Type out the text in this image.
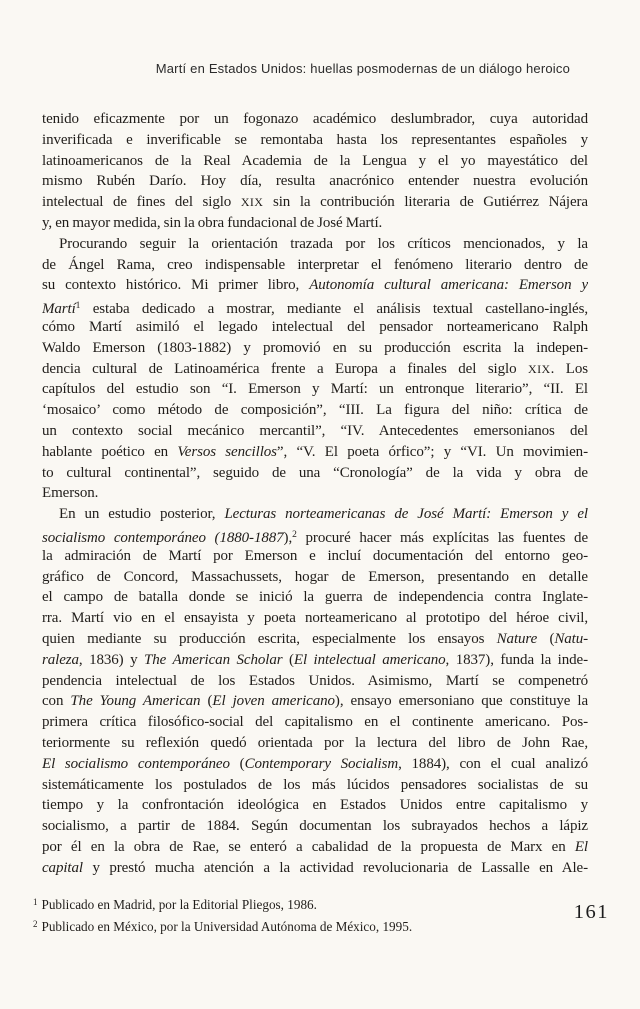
Martí en Estados Unidos: huellas posmodernas de un diálogo heroico
tenido eficazmente por un fogonazo académico deslumbrador, cuya autoridad
inverificada e inverificable se remontaba hasta los representantes españoles y
latinoamericanos de la Real Academia de la Lengua y el yo mayestático del
mismo Rubén Darío. Hoy día, resulta anacrónico entender nuestra evolución
intelectual de fines del siglo XIX sin la contribución literaria de Gutiérrez Nájera
y, en mayor medida, sin la obra fundacional de José Martí.
Procurando seguir la orientación trazada por los críticos mencionados, y la
de Ángel Rama, creo indispensable interpretar el fenómeno literario dentro de
su contexto histórico. Mi primer libro, Autonomía cultural americana: Emerson y
Martí$^1$ estaba dedicado a mostrar, mediante el análisis textual castellano-inglés,
cómo Martí asimiló el legado intelectual del pensador norteamericano Ralph
Waldo Emerson (1803-1882) y promovió en su producción escrita la indepen-
dencia cultural de Latinoamérica frente a Europa a finales del siglo XIX. Los
capítulos del estudio son “I. Emerson y Martí: un entronque literario”, “II. El
‘mosaico’ como método de composición”, “III. La figura del niño: crítica de
un contexto social mecánico mercantil”, “IV. Antecedentes emersonianos del
hablante poético en Versos sencillos”, “V. El poeta órfico”; y “VI. Un movimien-
to cultural continental”, seguido de una “Cronología” de la vida y obra de
Emerson.
En un estudio posterior, Lecturas norteamericanas de José Martí: Emerson y el
socialismo contemporáneo (1880-1887),$^2$ procuré hacer más explícitas las fuentes de
la admiración de Martí por Emerson e incluí documentación del entorno geo-
gráfico de Concord, Massachussets, hogar de Emerson, presentando en detalle
el campo de batalla donde se inició la guerra de independencia contra Inglate-
rra. Martí vio en el ensayista y poeta norteamericano al prototipo del héroe civil,
quien mediante su producción escrita, especialmente los ensayos Nature (Natu-
raleza, 1836) y The American Scholar (El intelectual americano, 1837), funda la inde-
pendencia intelectual de los Estados Unidos. Asimismo, Martí se compenetró
con The Young American (El joven americano), ensayo emersoniano que constituye la
primera crítica filosófico-social del capitalismo en el continente americano. Pos-
teriormente su reflexión quedó orientada por la lectura del libro de John Rae,
El socialismo contemporáneo (Contemporary Socialism, 1884), con el cual analizó
sistemáticamente los postulados de los más lúcidos pensadores socialistas de su
tiempo y la confrontación ideológica en Estados Unidos entre capitalismo y
socialismo, a partir de 1884. Según documentan los subrayados hechos a lápiz
por él en la obra de Rae, se enteró a cabalidad de la propuesta de Marx en El
capital y prestó mucha atención a la actividad revolucionaria de Lassalle en Ale-
$^1$ Publicado en Madrid, por la Editorial Pliegos, 1986.
$^2$ Publicado en México, por la Universidad Autónoma de México, 1995.
161
